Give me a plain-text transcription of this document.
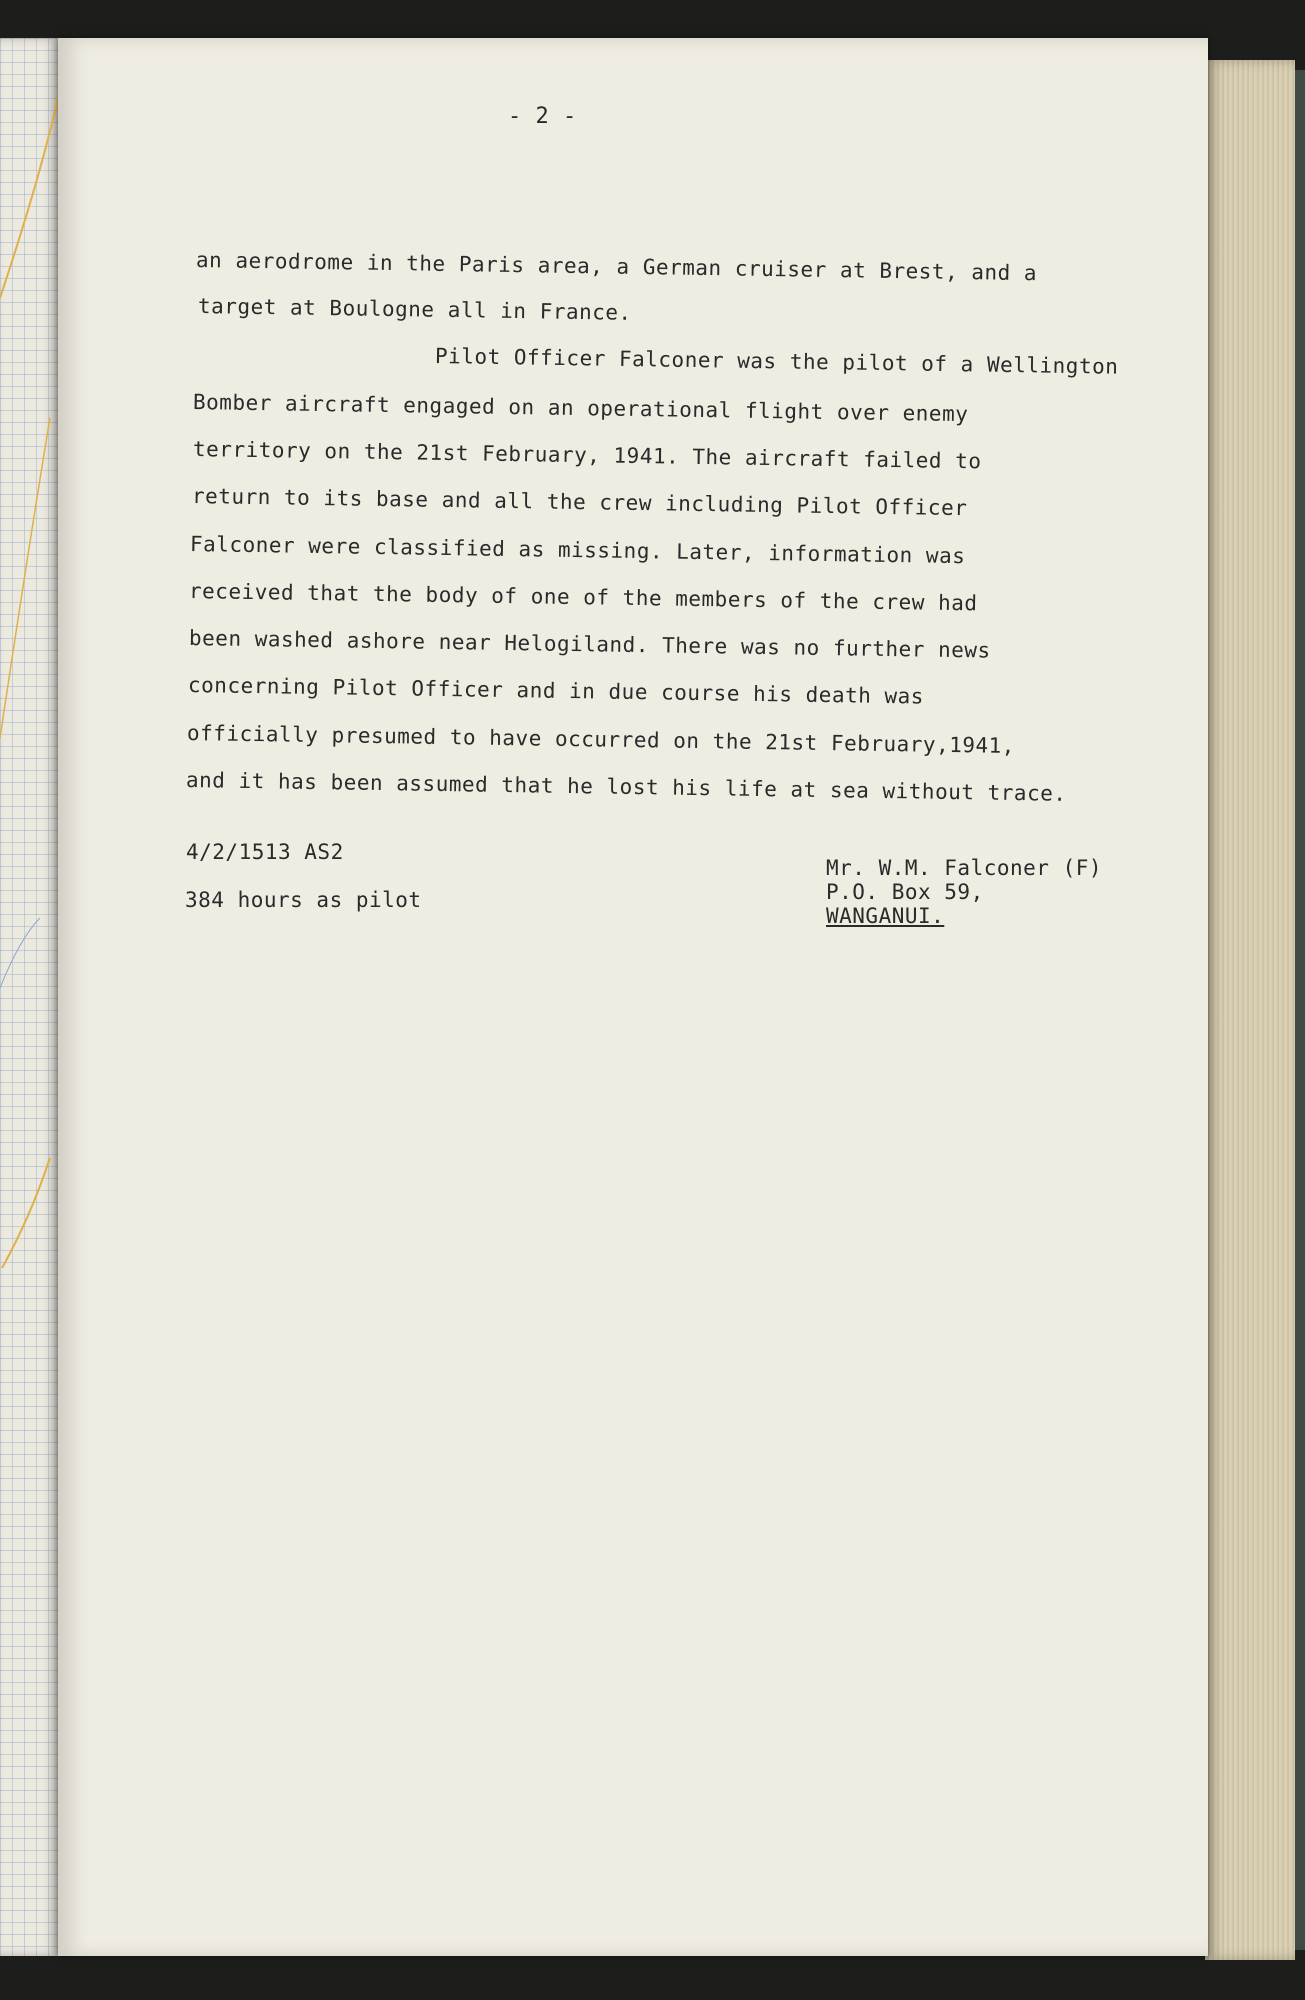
- 2 -
an aerodrome in the Paris area, a German cruiser at Brest, and a
target at Boulogne all in France.
Pilot Officer Falconer was the pilot of a Wellington
Bomber aircraft engaged on an operational flight over enemy
territory on the 21st February, 1941. The aircraft failed to
return to its base and all the crew including Pilot Officer
Falconer were classified as missing. Later, information was
received that the body of one of the members of the crew had
been washed ashore near Helogiland. There was no further news
concerning Pilot Officer and in due course his death was
officially presumed to have occurred on the 21st February,1941,
and it has been assumed that he lost his life at sea without trace.
4/2/1513 AS2
384 hours as pilot
Mr. W.M. Falconer (F)
P.O. Box 59,
WANGANUI.
